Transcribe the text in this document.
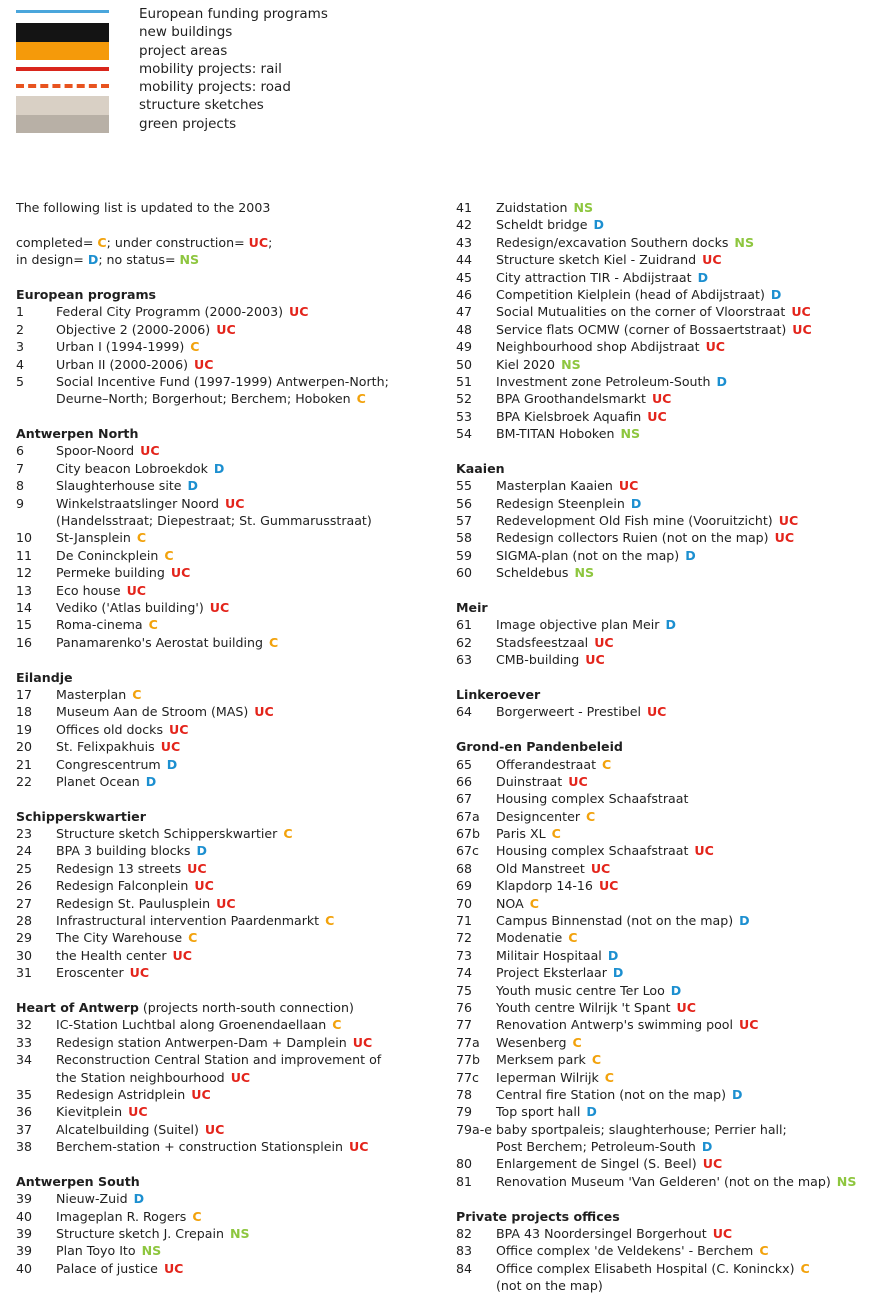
European funding programs
new buildings
project areas
mobility projects: rail
mobility projects: road
structure sketches
green projects
The following list is updated to the 2003
completed= C; under construction= UC;
in design= D; no status= NS
European programs
1	Federal City Programm (2000-2003) UC
2	Objective 2 (2000-2006) UC
3	Urban I (1994-1999) C
4	Urban II (2000-2006) UC
5	Social Incentive Fund (1997-1999) Antwerpen-North;
Deurne–North; Borgerhout; Berchem; Hoboken C
Antwerpen North
6	Spoor-Noord UC
7	City beacon Lobroekdok D
8	Slaughterhouse site D
9	Winkelstraatslinger Noord UC
(Handelsstraat; Diepestraat; St. Gummarusstraat)
10 St-Jansplein C
11 De Coninckplein C
12 Permeke building UC
13 Eco house UC
14 Vediko ('Atlas building') UC
15 Roma-cinema C
16 Panamarenko's Aerostat building C
Eilandje
17 Masterplan C
18 Museum Aan de Stroom (MAS) UC
19 Offices old docks UC
20 St. Felixpakhuis UC
21 Congrescentrum D
22 Planet Ocean D
Schipperskwartier
23 Structure sketch Schipperskwartier C
24 BPA 3 building blocks D
25 Redesign 13 streets UC
26 Redesign Falconplein UC
27 Redesign St. Paulusplein UC
28 Infrastructural intervention Paardenmarkt C
29 The City Warehouse C
30 the Health center UC
31 Eroscenter UC
Heart of Antwerp (projects north-south connection)
32 IC-Station Luchtbal along Groenendaellaan C
33 Redesign station Antwerpen-Dam + Damplein UC
34 Reconstruction Central Station and improvement of
the Station neighbourhood UC
35 Redesign Astridplein UC
36 Kievitplein UC
37 Alcatelbuilding (Suitel) UC
38 Berchem-station + construction Stationsplein UC
Antwerpen South
39 Nieuw-Zuid D
40 Imageplan R. Rogers C
39 Structure sketch J. Crepain NS
39 Plan Toyo Ito NS
40 Palace of justice UC
41 Zuidstation NS
42 Scheldt bridge D
43 Redesign/excavation Southern docks NS
44 Structure sketch Kiel - Zuidrand UC
45 City attraction TIR - Abdijstraat D
46 Competition Kielplein (head of Abdijstraat) D
47 Social Mutualities on the corner of Vloorstraat UC
48 Service flats OCMW (corner of Bossaertstraat) UC
49 Neighbourhood shop Abdijstraat UC
50 Kiel 2020 NS
51 Investment zone Petroleum-South D
52 BPA Groothandelsmarkt UC
53 BPA Kielsbroek Aquafin UC
54 BM-TITAN Hoboken NS
Kaaien
55 Masterplan Kaaien UC
56 Redesign Steenplein D
57 Redevelopment Old Fish mine (Vooruitzicht) UC
58 Redesign collectors Ruien (not on the map) UC
59 SIGMA-plan (not on the map) D
60 Scheldebus NS
Meir
61 Image objective plan Meir D
62 Stadsfeestzaal UC
63 CMB-building UC
Linkeroever
64 Borgerweert - Prestibel UC
Grond-en Pandenbeleid
65 Offerandestraat C
66 Duinstraat UC
67 Housing complex Schaafstraat
67a Designcenter C
67b Paris XL C
67c Housing complex Schaafstraat UC
68 Old Manstreet UC
69 Klapdorp 14-16 UC
70 NOA C
71 Campus Binnenstad (not on the map) D
72 Modenatie C
73 Militair Hospitaal D
74 Project Eksterlaar D
75 Youth music centre Ter Loo D
76 Youth centre Wilrijk 't Spant UC
77 Renovation Antwerp's swimming pool UC
77a Wesenberg C
77b Merksem park C
77c Ieperman Wilrijk C
78 Central fire Station (not on the map) D
79 Top sport hall D
79a-e baby sportpaleis; slaughterhouse; Perrier hall;
Post Berchem; Petroleum-South D
80 Enlargement de Singel (S. Beel) UC
81 Renovation Museum 'Van Gelderen' (not on the map) NS
Private projects offices
82 BPA 43 Noordersingel Borgerhout UC
83 Office complex 'de Veldekens' - Berchem C
84 Office complex Elisabeth Hospital (C. Koninckx) C
(not on the map)
